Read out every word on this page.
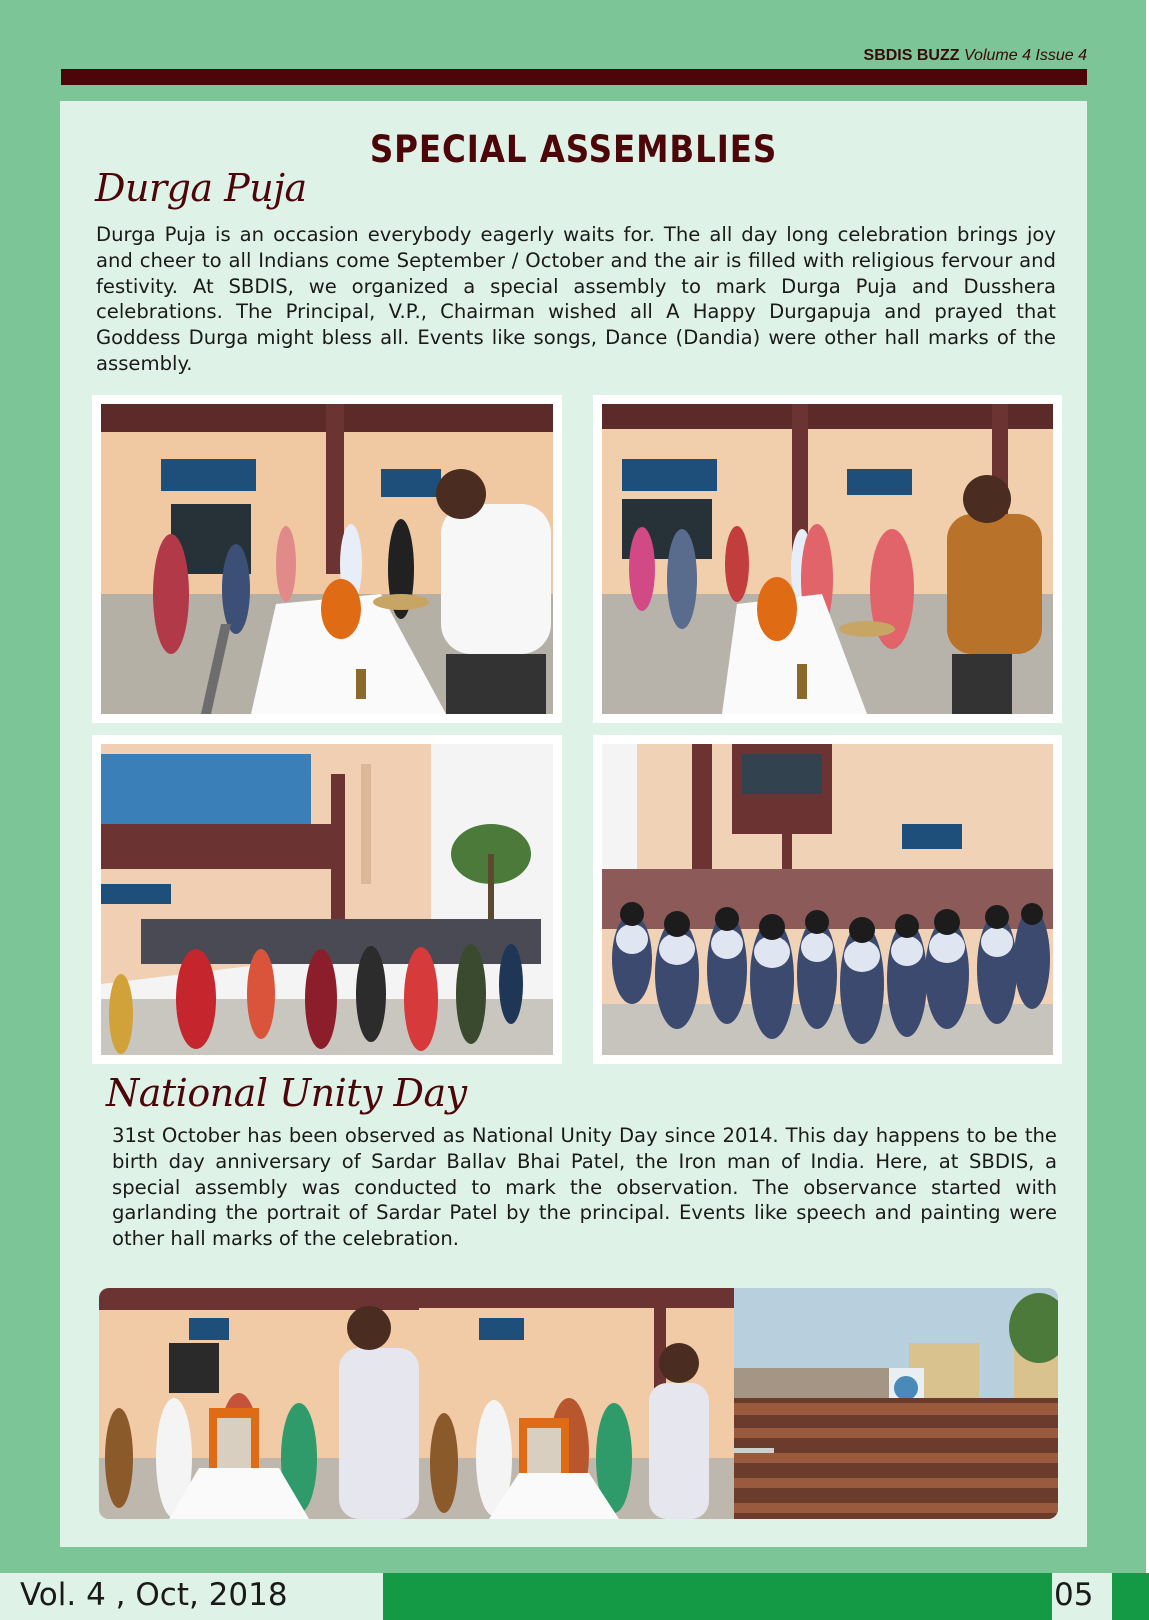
SBDIS BUZZ Volume 4 Issue 4
SPECIAL ASSEMBLIES
Durga Puja

Durga Puja is an occasion everybody eagerly waits for. The all day long celebration brings joy and cheer to all Indians come September / October and the air is filled with religious fervour and festivity. At SBDIS, we organized a special assembly to mark Durga Puja and Dusshera celebrations. The Principal, V.P., Chairman wished all A Happy Durgapuja and prayed that Goddess Durga might bless all. Events like songs, Dance (Dandia) were other hall marks of the assembly.

National Unity Day

31st October has been observed as National Unity Day since 2014. This day happens to be the birth day anniversary of Sardar Ballav Bhai Patel, the Iron man of India. Here, at SBDIS, a special assembly was conducted to mark the observation. The observance started with garlanding the portrait of Sardar Patel by the principal. Events like speech and painting were other hall marks of the celebration.

Vol. 4 , Oct, 2018	05
